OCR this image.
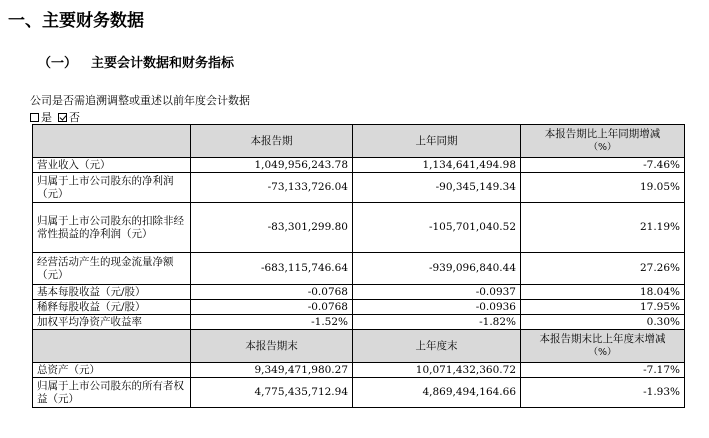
一、主要财务数据
（一） 主要会计数据和财务指标
公司是否需追溯调整或重述以前年度会计数据
是 否
	本报告期	上年同期	本报告期比上年同期增减
（%）

营业收入（元）	1,049,956,243.78	1,134,641,494.98	-7.46%
归属于上市公司股东的净利润（元）	-73,133,726.04	-90,345,149.34	19.05%
归属于上市公司股东的扣除非经常性损益的净利润（元）	-83,301,299.80	-105,701,040.52	21.19%
经营活动产生的现金流量净额（元）	-683,115,746.64	-939,096,840.44	27.26%
基本每股收益（元/股）	-0.0768	-0.0937	18.04%
稀释每股收益（元/股）	-0.0768	-0.0936	17.95%
加权平均净资产收益率	-1.52%	-1.82%	0.30%
	本报告期末	上年度末	本报告期末比上年度末增减
（%）

总资产（元）	9,349,471,980.27	10,071,432,360.72	-7.17%
归属于上市公司股东的所有者权益（元）	4,775,435,712.94	4,869,494,164.66	-1.93%
